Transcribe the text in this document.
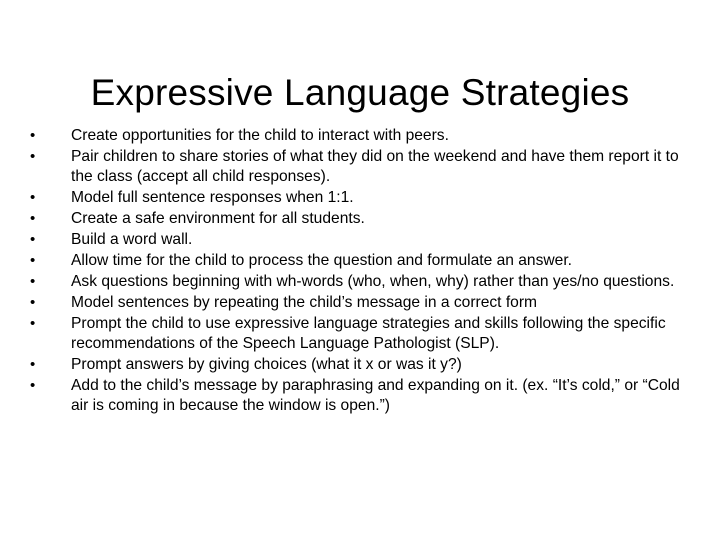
Expressive Language Strategies
•	Create opportunities for the child to interact with peers.
•	Pair children to share stories of what they did on the weekend and have them report it to the class (accept all child responses).
•	Model full sentence responses when 1:1.
•	Create a safe environment for all students.
•	Build a word wall.
•	Allow time for the child to process the question and formulate an answer.
•	Ask questions beginning with wh-words (who, when, why) rather than yes/no questions.
•	Model sentences by repeating the child’s message in a correct form
•	Prompt the child to use expressive language strategies and skills following the specific recommendations of the Speech Language Pathologist (SLP).
•	Prompt answers by giving choices (what it x or was it y?)
•	Add to the child’s message by paraphrasing and expanding on it. (ex. “It’s cold,” or “Cold air is coming in because the window is open.”)
